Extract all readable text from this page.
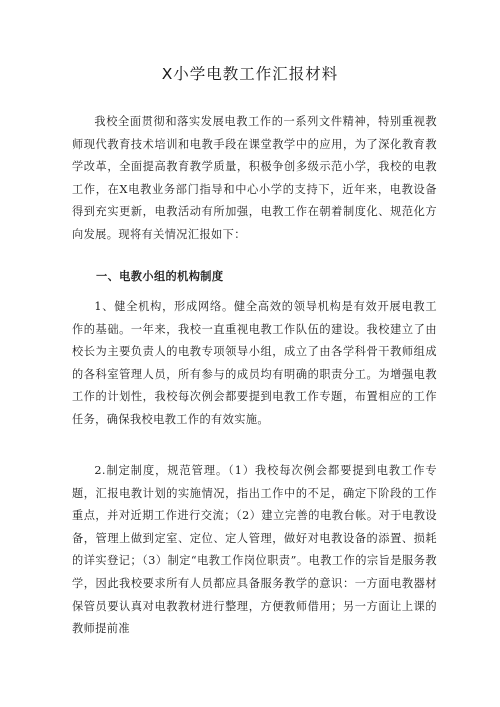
X小学电教工作汇报材料

我校全面贯彻和落实发展电教工作的一系列文件精神，特别重视教师现代教育技术培训和电教手段在课堂教学中的应用，为了深化教育教学改革，全面提高教育教学质量，积极争创多级示范小学，我校的电教工作，在X电教业务部门指导和中心小学的支持下，近年来，电教设备得到充实更新，电教活动有所加强，电教工作在朝着制度化、规范化方向发展。现将有关情况汇报如下：

一、电教小组的机构制度

1、健全机构，形成网络。健全高效的领导机构是有效开展电教工作的基础。一年来，我校一直重视电教工作队伍的建设。我校建立了由校长为主要负责人的电教专项领导小组，成立了由各学科骨干教师组成的各科室管理人员，所有参与的成员均有明确的职责分工。为增强电教工作的计划性，我校每次例会都要提到电教工作专题，布置相应的工作任务，确保我校电教工作的有效实施。

2.制定制度，规范管理。（1）我校每次例会都要提到电教工作专题，汇报电教计划的实施情况，指出工作中的不足，确定下阶段的工作重点，并对近期工作进行交流；（2）建立完善的电教台帐。对于电教设备，管理上做到定室、定位、定人管理，做好对电教设备的添置、损耗的详实登记；（3）制定“电教工作岗位职责”。电教工作的宗旨是服务教学，因此我校要求所有人员都应具备服务教学的意识：一方面电教器材保管员要认真对电教教材进行整理，方便教师借用；另一方面让上课的教师提前准
